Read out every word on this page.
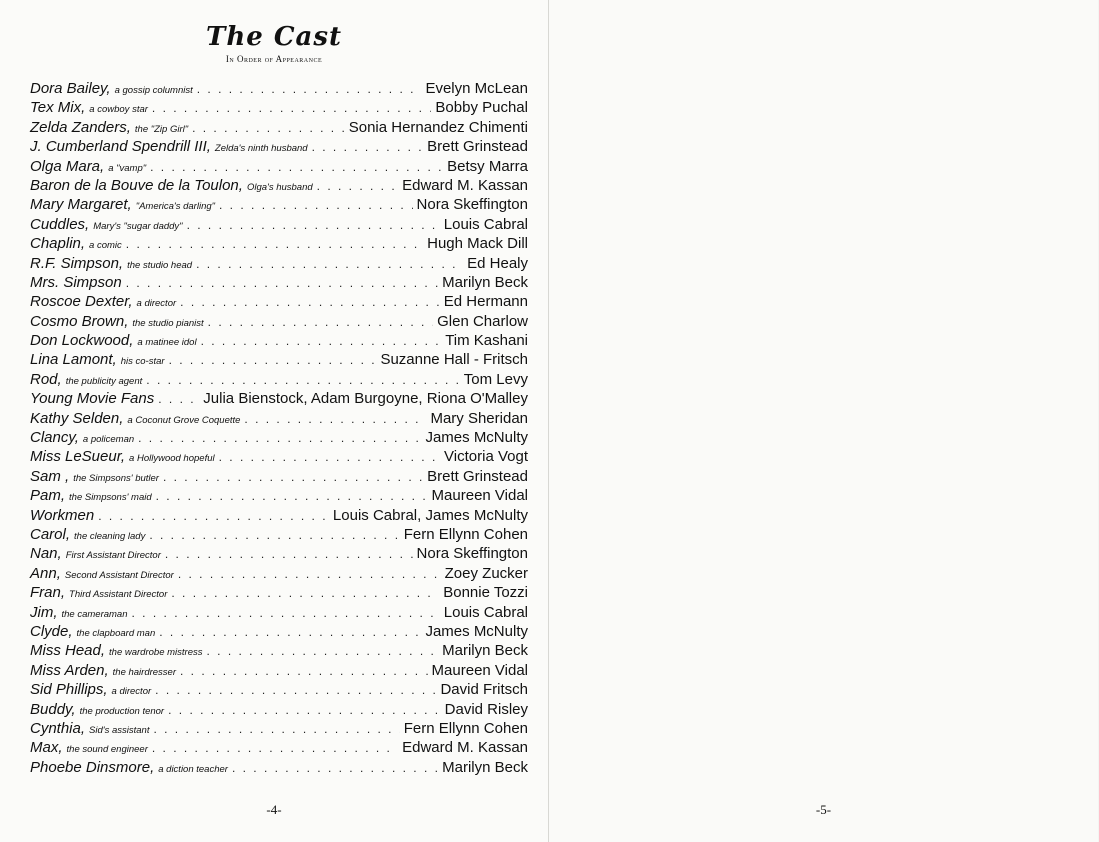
The Cast
In Order of Appearance
Dora Bailey, a gossip columnist . . .	Evelyn McLean
Tex Mix, a cowboy star . . .	Bobby Puchal
Zelda Zanders, the "Zip Girl" . . .	Sonia Hernandez Chimenti
J. Cumberland Spendrill III, Zelda's ninth husband . . .	Brett Grinstead
Olga Mara, a "vamp" . . .	Betsy Marra
Baron de la Bouve de la Toulon, Olga's husband . . .	Edward M. Kassan
Mary Margaret, "America's darling" . . .	Nora Skeffington
Cuddles, Mary's "sugar daddy" . . .	Louis Cabral
Chaplin, a comic . . .	Hugh Mack Dill
R.F. Simpson, the studio head . . .	Ed Healy
Mrs. Simpson . . .	Marilyn Beck
Roscoe Dexter, a director . . .	Ed Hermann
Cosmo Brown, the studio pianist . . .	Glen Charlow
Don Lockwood, a matinee idol . . .	Tim Kashani
Lina Lamont, his co-star . . .	Suzanne Hall - Fritsch
Rod, the publicity agent . . .	Tom Levy
Young Movie Fans . . .	Julia Bienstock, Adam Burgoyne, Riona O'Malley
Kathy Selden, a Coconut Grove Coquette . . .	Mary Sheridan
Clancy, a policeman . . .	James McNulty
Miss LeSueur, a Hollywood hopeful . . .	Victoria Vogt
Sam , the Simpsons' butler . . .	Brett Grinstead
Pam, the Simpsons' maid . . .	Maureen Vidal
Workmen . . .	Louis Cabral, James McNulty
Carol, the cleaning lady . . .	Fern Ellynn Cohen
Nan, First Assistant Director . . .	Nora Skeffington
Ann, Second Assistant Director . . .	Zoey Zucker
Fran, Third Assistant Director . . .	Bonnie Tozzi
Jim, the cameraman . . .	Louis Cabral
Clyde, the clapboard man . . .	James McNulty
Miss Head, the wardrobe mistress . . .	Marilyn Beck
Miss Arden, the hairdresser . . .	Maureen Vidal
Sid Phillips, a director . . .	David Fritsch
Buddy, the production tenor . . .	David Risley
Cynthia, Sid's assistant . . .	Fern Ellynn Cohen
Max, the sound engineer . . .	Edward M. Kassan
Phoebe Dinsmore, a diction teacher . . .	Marilyn Beck
-4-	-5-
